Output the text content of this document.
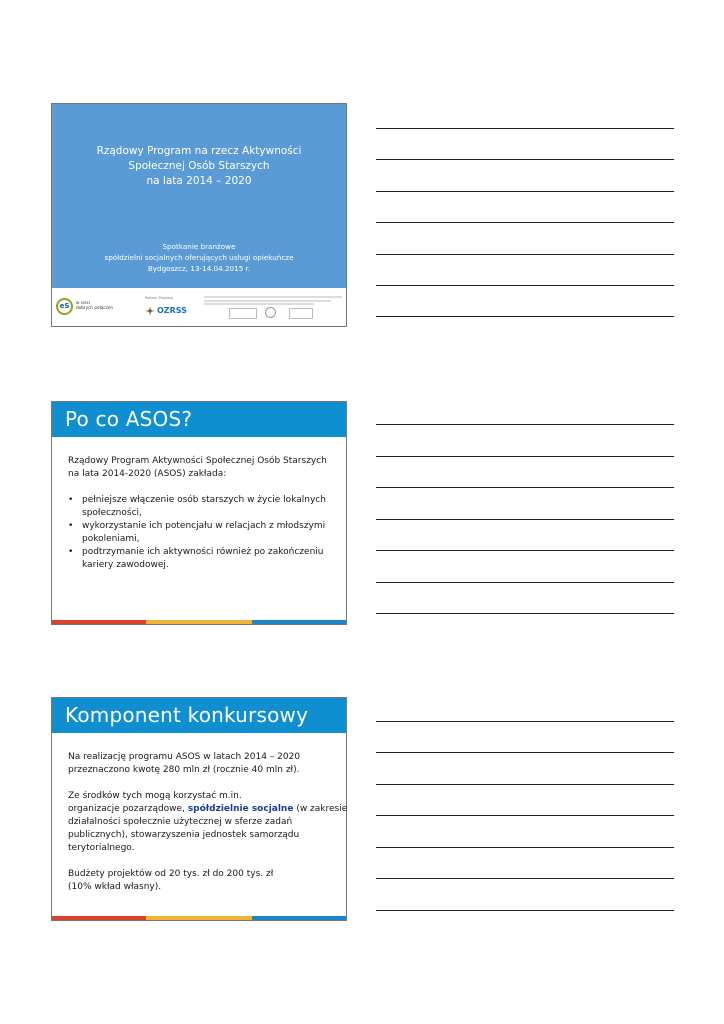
Rządowy Program na rzecz Aktywności
Społecznej Osób Starszych
na lata 2014 – 2020
Spotkanie branżowe
spółdzielni socjalnych oferujących usługi opiekuńcze
Bydgoszcz, 13-14.04.2015 r.
eS	w sieci
dobrych połączeń
Partner Projektu
OZRSS
Po co ASOS?

Rządowy Program Aktywności Społecznej Osób Starszych

na lata 2014-2020 (ASOS) zakłada:

• pełniejsze włączenie osób starszych w życie lokalnych
społeczności,
• wykorzystanie ich potencjału w relacjach z młodszymi
pokoleniami,
• podtrzymanie ich aktywności również po zakończeniu
kariery zawodowej.
Komponent konkursowy

Na realizację programu ASOS w latach 2014 – 2020

przeznaczono kwotę 280 mln zł (rocznie 40 mln zł).

Ze środków tych mogą korzystać m.in.

organizacje pozarządowe, spółdzielnie socjalne (w zakresie

działalności społecznie użytecznej w sferze zadań

publicznych), stowarzyszenia jednostek samorządu

terytorialnego.

Budżety projektów od 20 tys. zł do 200 tys. zł

(10% wkład własny).
